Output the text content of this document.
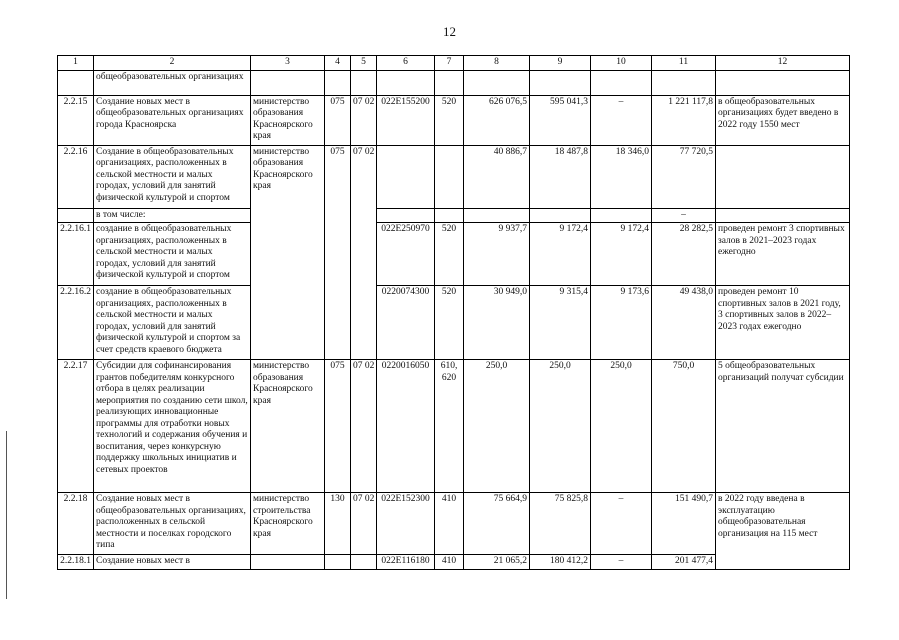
12
1	2	3	4	5	6	7	8	9	10	11	12
	общеобразовательных организациях										
2.2.15	Создание новых мест в общеобразовательных организациях города Красноярска	министерство образования Красноярского края	075	07 02	022E155200	520	626 076,5	595 041,3	–	1 221 117,8	в общеобразовательных организациях будет введено в 2022 году 1550 мест
2.2.16	Создание в общеобразовательных организациях, расположенных в сельской местности и малых городах, условий для занятий физической культурой и спортом	министерство образования Красноярского края	075	07 02			40 886,7	18 487,8	18 346,0	77 720,5	
	в том числе:									–	
2.2.16.1	создание в общеобразовательных организациях, расположенных в сельской местности и малых городах, условий для занятий физической культурой и спортом				022E250970	520	9 937,7	9 172,4	9 172,4	28 282,5	проведен ремонт 3 спортивных залов в 2021–2023 годах ежегодно
2.2.16.2	создание в общеобразовательных организациях, расположенных в сельской местности и малых городах, условий для занятий физической культурой и спортом за счет средств краевого бюджета				0220074300	520	30 949,0	9 315,4	9 173,6	49 438,0	проведен ремонт 10 спортивных залов в 2021 году, 3 спортивных залов в 2022–2023 годах ежегодно
2.2.17	Субсидии для софинансирования грантов победителям конкурсного отбора в целях реализации мероприятия по созданию сети школ, реализующих инновационные программы для отработки новых технологий и содержания обучения и воспитания, через конкурсную поддержку школьных инициатив и сетевых проектов	министерство образования Красноярского края	075	07 02	0220016050	610, 620	250,0	250,0	250,0	750,0	5 общеобразовательных организаций получат субсидии
2.2.18	Создание новых мест в общеобразовательных организациях, расположенных в сельской местности и поселках городского типа	министерство строительства Красноярского края	130	07 02	022E152300	410	75 664,9	75 825,8	–	151 490,7	в 2022 году введена в эксплуатацию общеобразовательная организация на 115 мест
2.2.18.1	Создание новых мест в				022E116180	410	21 065,2	180 412,2	–	201 477,4	
